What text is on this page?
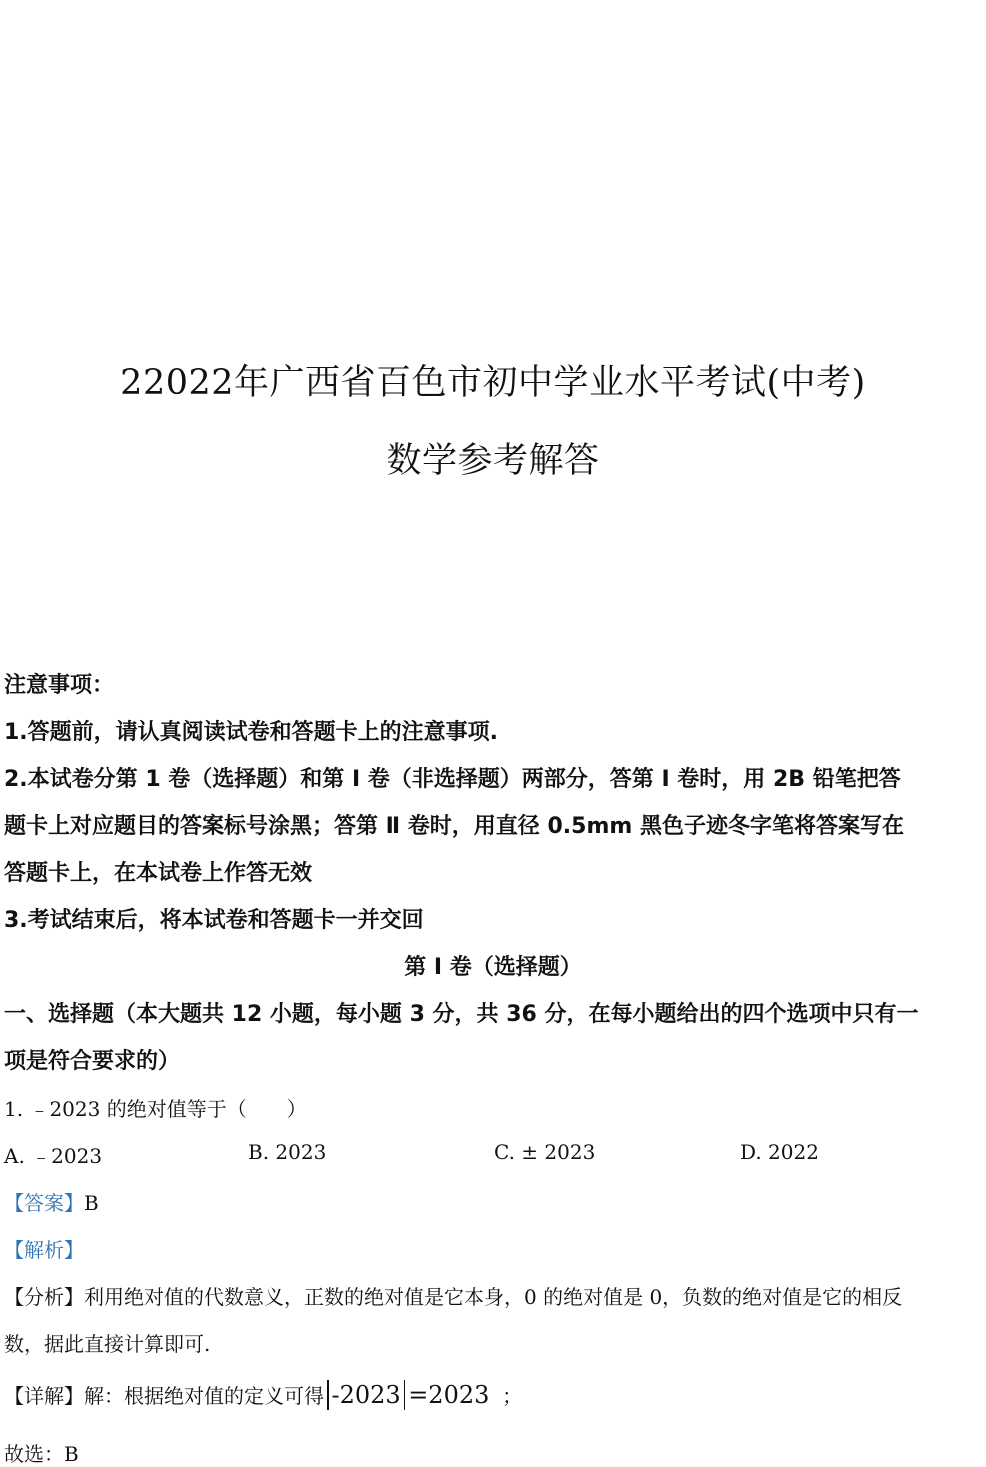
22022年广西省百色市初中学业水平考试(中考)
数学参考解答
注意事项：
1.答题前，请认真阅读试卷和答题卡上的注意事项.
2.本试卷分第 1 卷（选择题）和第 I 卷（非选择题）两部分，答第 I 卷时，用 2B 铅笔把答
题卡上对应题目的答案标号涂黑；答第 Ⅱ 卷时，用直径 0.5mm 黑色子迹冬字笔将答案写在
答题卡上，在本试卷上作答无效
3.考试结束后，将本试卷和答题卡一并交回
第 I 卷（选择题）
一、选择题（本大题共 12 小题，每小题 3 分，共 36 分，在每小题给出的四个选项中只有一
项是符合要求的）
1. ﹣2023 的绝对值等于（　　）
A. ﹣2023	B. 2023	C. ± 2023	D. 2022
【答案】B
【解析】
【分析】利用绝对值的代数意义，正数的绝对值是它本身，0 的绝对值是 0，负数的绝对值是它的相反
数，据此直接计算即可.
【详解】解：根据绝对值的定义可得 -2023 =2023 ；
故选：B
